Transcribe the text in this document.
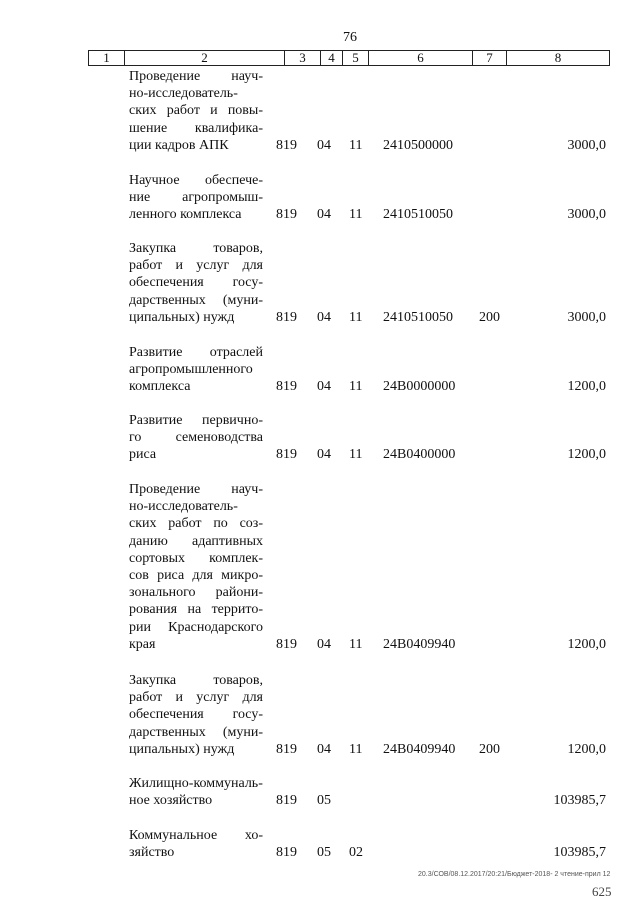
76
1	2	3	4	5	6	7	8
Проведение науч-
но-исследователь-
ских работ и повы-
шение квалифика-
ции кадров АПК	819 04 11 2410500000	3000,0
Научное обеспече-
ние агропромыш-
ленного комплекса	819 04 11 2410510050	3000,0
Закупка товаров,
работ и услуг для
обеспечения госу-
дарственных (муни-
ципальных) нужд	819 04 11 2410510050 200	3000,0
Развитие отраслей
агропромышленного
комплекса	819 04 11 24В0000000	1200,0
Развитие первично-
го семеноводства
риса	819 04 11 24В0400000	1200,0
Проведение науч-
но-исследователь-
ских работ по соз-
данию адаптивных
сортовых комплек-
сов риса для микро-
зонального райони-
рования на террито-
рии Краснодарского
края	819 04 11 24В0409940	1200,0
Закупка товаров,
работ и услуг для
обеспечения госу-
дарственных (муни-
ципальных) нужд	819 04 11 24В0409940 200	1200,0
Жилищно-коммуналь-
ное хозяйство	819 05	103985,7
Коммунальное хо-
зяйство	819 05 02	103985,7
20.3/СОВ/08.12.2017/20:21/Бюджет-2018- 2 чтение-прил 12
625
